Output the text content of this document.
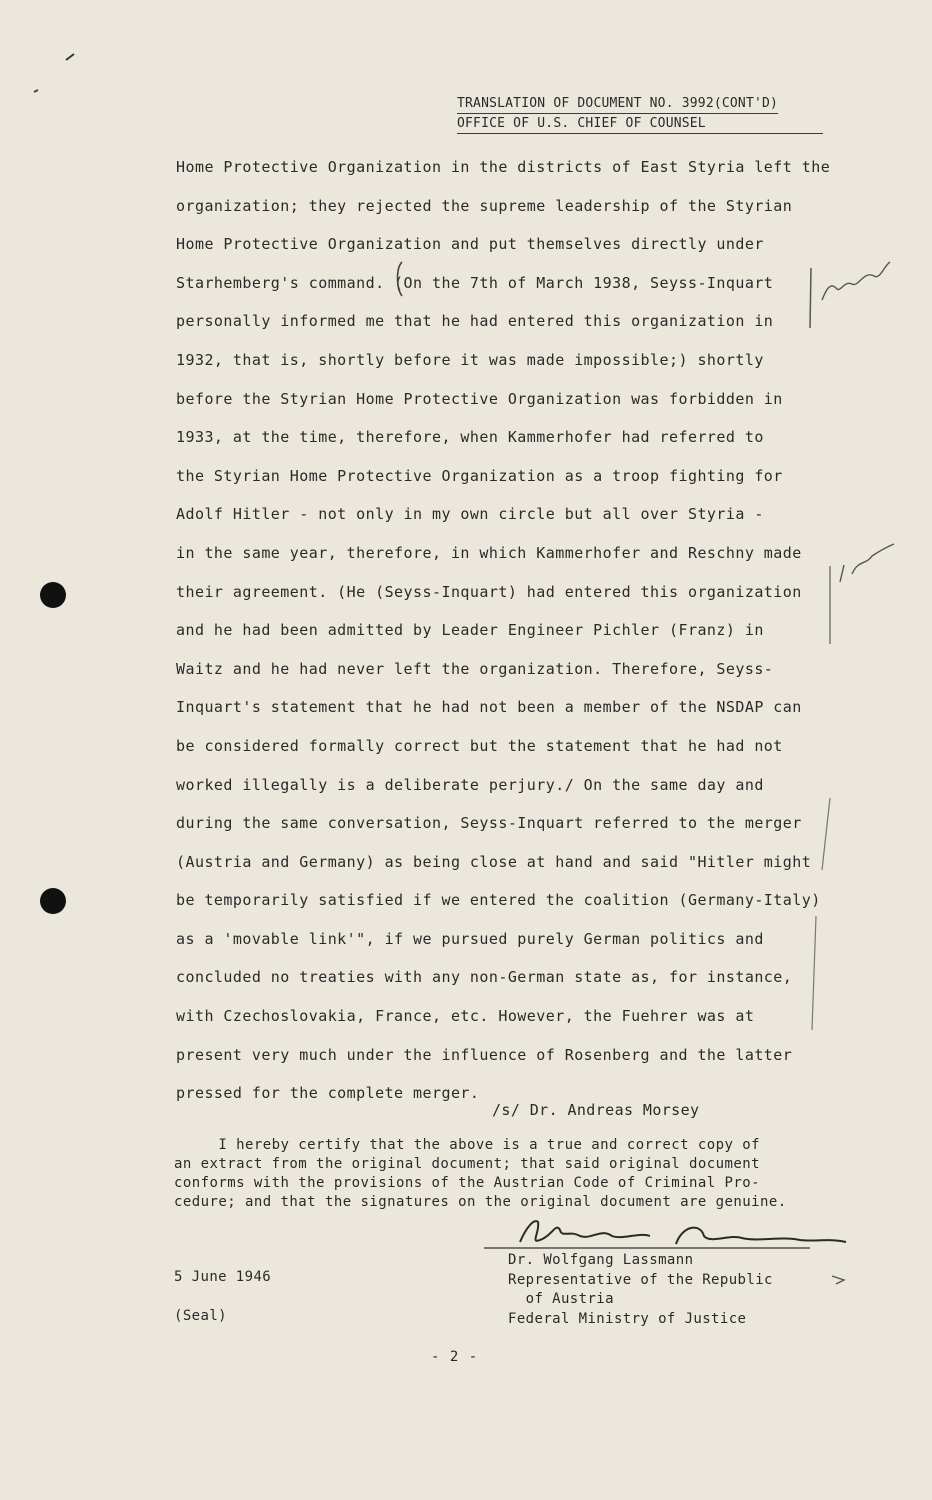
TRANSLATION OF DOCUMENT NO. 3992(CONT'D)
OFFICE OF U.S. CHIEF OF COUNSEL
Home Protective Organization in the districts of East Styria left the
organization; they rejected the supreme leadership of the Styrian
Home Protective Organization and put themselves directly under
Starhemberg's command. (On the 7th of March 1938, Seyss-Inquart
personally informed me that he had entered this organization in
1932, that is, shortly before it was made impossible;) shortly
before the Styrian Home Protective Organization was forbidden in
1933, at the time, therefore, when Kammerhofer had referred to
the Styrian Home Protective Organization as a troop fighting for
Adolf Hitler - not only in my own circle but all over Styria -
in the same year, therefore, in which Kammerhofer and Reschny made
their agreement. (He (Seyss-Inquart) had entered this organization
and he had been admitted by Leader Engineer Pichler (Franz) in
Waitz and he had never left the organization. Therefore, Seyss-
Inquart's statement that he had not been a member of the NSDAP can
be considered formally correct but the statement that he had not
worked illegally is a deliberate perjury./ On the same day and
during the same conversation, Seyss-Inquart referred to the merger
(Austria and Germany) as being close at hand and said "Hitler might
be temporarily satisfied if we entered the coalition (Germany-Italy)
as a 'movable link'", if we pursued purely German politics and
concluded no treaties with any non-German state as, for instance,
with Czechoslovakia, France, etc. However, the Fuehrer was at
present very much under the influence of Rosenberg and the latter
pressed for the complete merger.
/s/ Dr. Andreas Morsey
I hereby certify that the above is a true and correct copy of
an extract from the original document; that said original document
conforms with the provisions of the Austrian Code of Criminal Pro-
cedure; and that the signatures on the original document are genuine.
5 June 1946
(Seal)
Dr. Wolfgang Lassmann
Representative of the Republic
of Austria
Federal Ministry of Justice
- 2 -
